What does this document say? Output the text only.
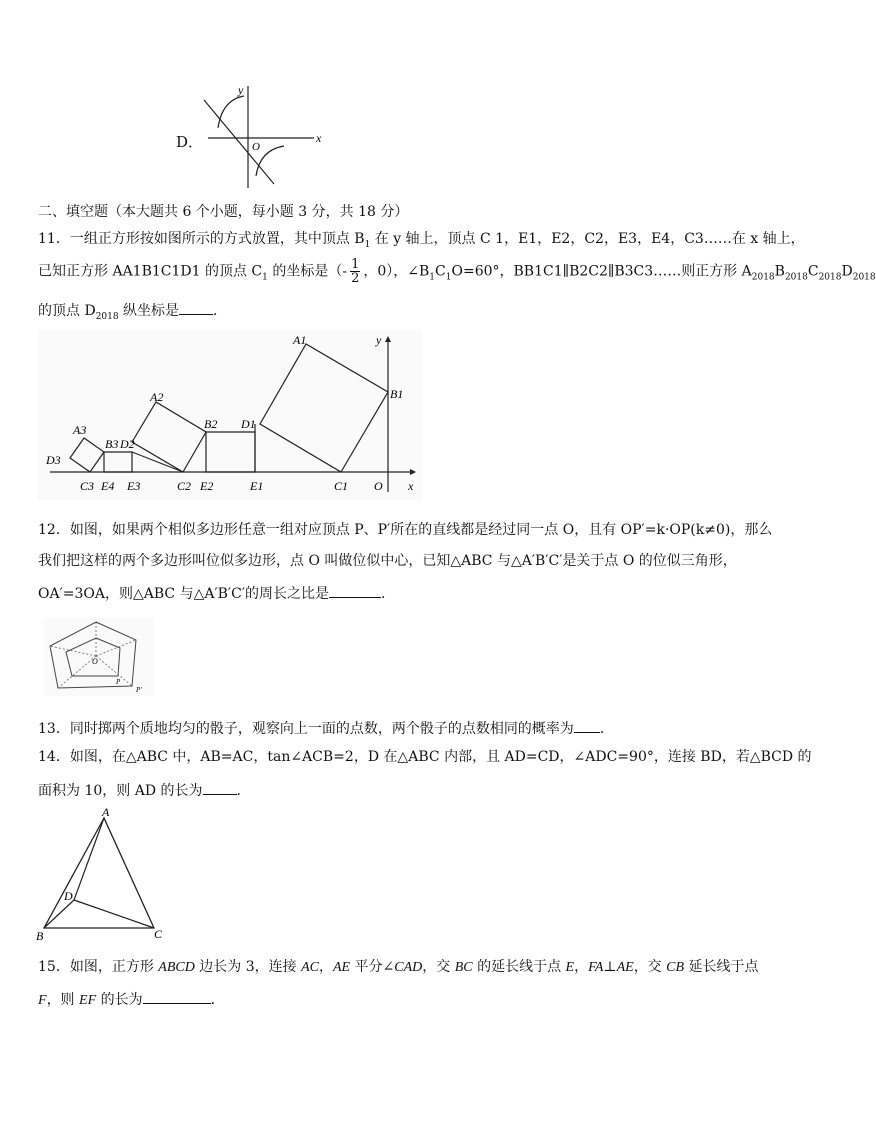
D．	x
y
O
二、填空题（本大题共 6 个小题，每小题 3 分，共 18 分）
11．一组正方形按如图所示的方式放置，其中顶点 $B_1$ 在 y 轴上，顶点 C 1，E1，E2，C2，E3，E4，C3……在 x 轴上，
已知正方形 AA1B1C1D1 的顶点 $C_1$ 的坐标是（- $\frac{1}{2}$ ，0），$\angle B_1C_1O=60^\circ$，BB1C1∥B2C2∥B3C3……则正方形 $A_{2018}B_{2018}C_{2018}D_{2018}$
的顶点 $D_{2018}$ 纵坐标是 ．
A1
B1
C1
D1
E1
A2
B2
C2
D2
E2
A3
B3
C3
D3
E3
E4	O x
y
12．如图，如果两个相似多边形任意一组对应顶点 P、P′所在的直线都是经过同一点 O，且有 OP′=k·OP(k≠0)，那么
我们把这样的两个多边形叫位似多边形，点 O 叫做位似中心，已知△ABC 与△A′B′C′是关于点 O 的位似三角形，
OA′=3OA，则△ABC 与△A′B′C′的周长之比是	．
O
P
P′
13．同时掷两个质地均匀的骰子，观察向上一面的点数，两个骰子的点数相同的概率为 ．
14．如图，在△ABC 中，AB=AC，tan∠ACB=2，D 在△ABC 内部，且 AD=CD，∠ADC=90°，连接 BD，若△BCD 的
面积为 10，则 AD 的长为 ．
A
B	C
D
15．如图，正方形 ABCD 边长为 3，连接 AC，AE 平分∠CAD，交 BC 的延长线于点 E，FA⊥AE，交 CB 延长线于点
F，则 EF 的长为	．
